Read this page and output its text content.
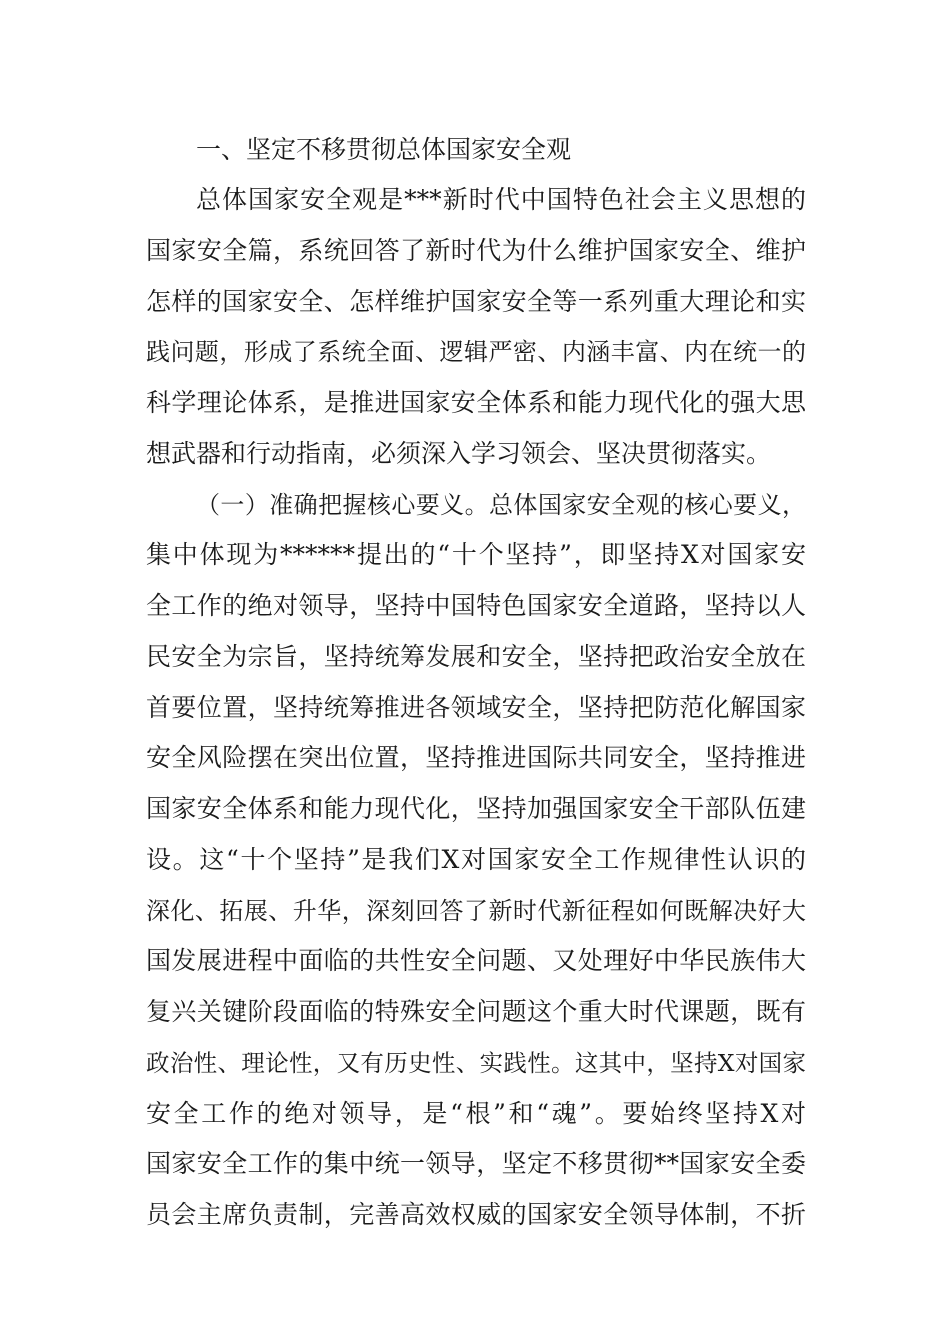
一、坚定不移贯彻总体国家安全观
总体国家安全观是***新时代中国特色社会主义思想的
国家安全篇，系统回答了新时代为什么维护国家安全、维护
怎样的国家安全、怎样维护国家安全等一系列重大理论和实
践问题，形成了系统全面、逻辑严密、内涵丰富、内在统一的
科学理论体系，是推进国家安全体系和能力现代化的强大思
想武器和行动指南，必须深入学习领会、坚决贯彻落实。
（一）准确把握核心要义。总体国家安全观的核心要义，
集中体现为******提出的“十个坚持”，即坚持X对国家安
全工作的绝对领导，坚持中国特色国家安全道路，坚持以人
民安全为宗旨，坚持统筹发展和安全，坚持把政治安全放在
首要位置，坚持统筹推进各领域安全，坚持把防范化解国家
安全风险摆在突出位置，坚持推进国际共同安全，坚持推进
国家安全体系和能力现代化，坚持加强国家安全干部队伍建
设。这“十个坚持”是我们X对国家安全工作规律性认识的
深化、拓展、升华，深刻回答了新时代新征程如何既解决好大
国发展进程中面临的共性安全问题、又处理好中华民族伟大
复兴关键阶段面临的特殊安全问题这个重大时代课题，既有
政治性、理论性，又有历史性、实践性。这其中，坚持X对国家
安全工作的绝对领导，是“根”和“魂”。要始终坚持X对
国家安全工作的集中统一领导，坚定不移贯彻**国家安全委
员会主席负责制，完善高效权威的国家安全领导体制，不折
